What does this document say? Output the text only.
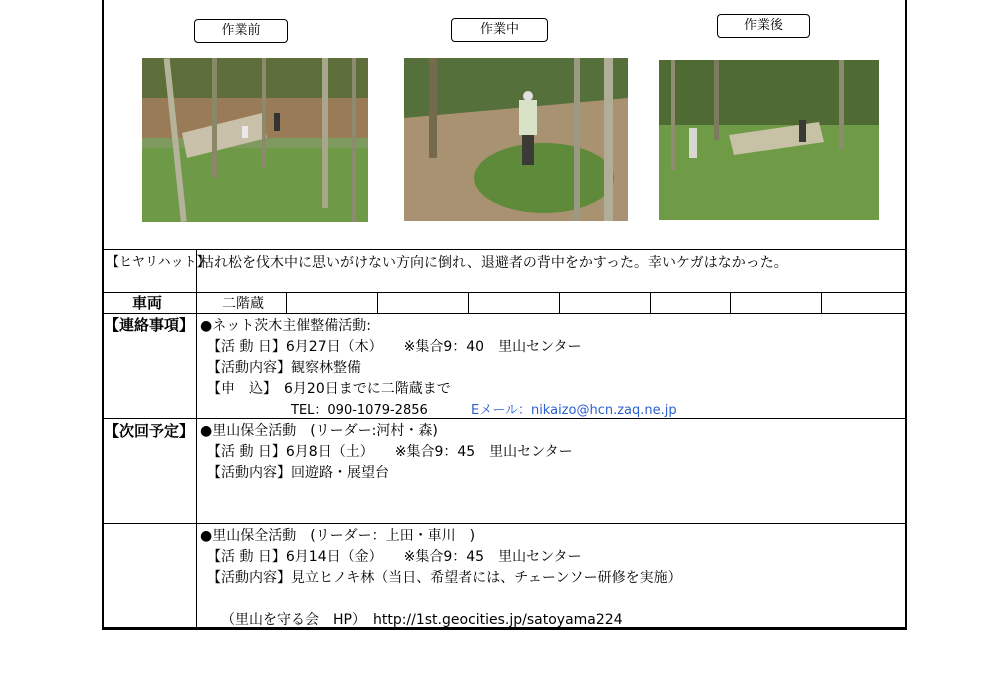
作業前	作業中	作業後
【ヒヤリハット】
枯れ松を伐木中に思いがけない方向に倒れ、退避者の背中をかすった。幸いケガはなかった。
車両	二階蔵
【連絡事項】 ●ネット茨木主催整備活動:
【活 動 日】6月27日（木）　　※集合9：40　里山センター
【活動内容】観察林整備
【申　込】　6月20日までに二階蔵まで
TEL：090-1079-2856	Eメール：nikaizo@hcn.zaq.ne.jp
【次回予定】 ●里山保全活動　(リーダー:河村・森)
【活 動 日】6月8日（土）　　※集合9：45　里山センター
【活動内容】回遊路・展望台
●里山保全活動　(リーダー：上田・車川　)
【活 動 日】6月14日（金）　　※集合9：45　里山センター
【活動内容】見立ヒノキ林（当日、希望者には、チェーンソー研修を実施）
（里山を守る会　HP）　http://1st.geocities.jp/satoyama224
